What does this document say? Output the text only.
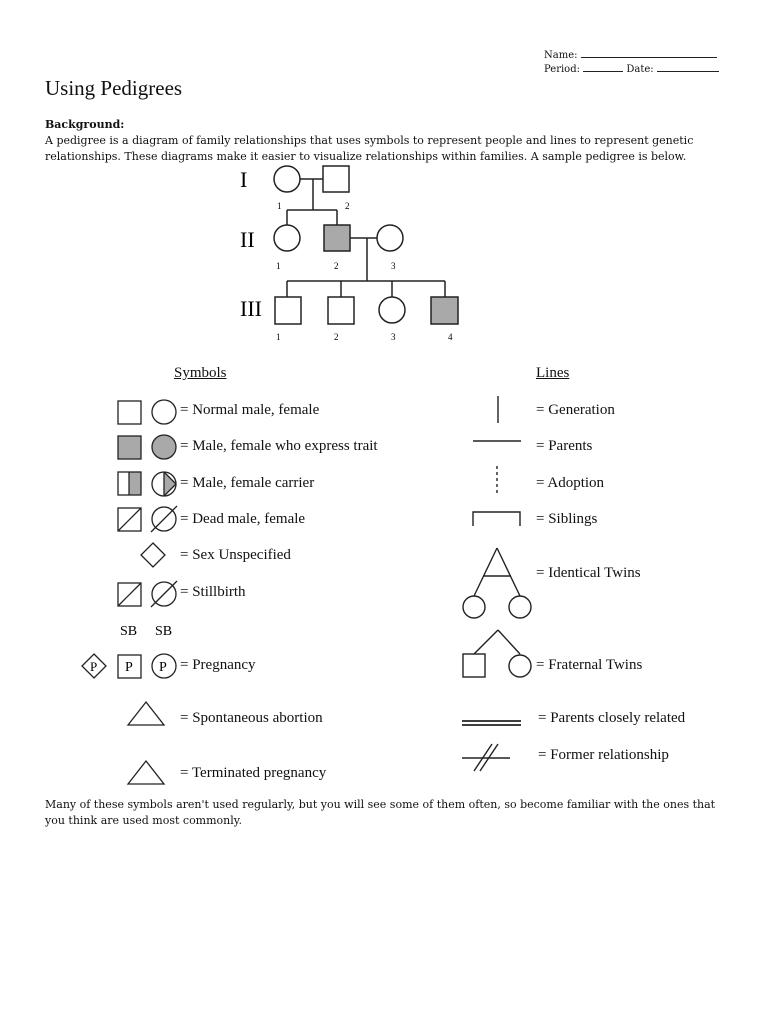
Name:
Period:	Date:
Using Pedigrees
Background:
A pedigree is a diagram of family relationships that uses symbols to represent people and lines to represent genetic relationships. These diagrams make it easier to visualize relationships within families. A sample pedigree is below.
I
II
III
1	2
1	2	3
1	2	3	4
Symbols	Lines
SB SB
P P P
= Normal male, female
= Male, female who express trait
= Male, female carrier
= Dead male, female
= Sex Unspecified
= Stillbirth
= Pregnancy
= Spontaneous abortion
= Terminated pregnancy
= Generation
= Parents
= Adoption
= Siblings
= Identical Twins
= Fraternal Twins
= Parents closely related
= Former relationship
Many of these symbols aren't used regularly, but you will see some of them often, so become familiar with the ones that you think are used most commonly.
